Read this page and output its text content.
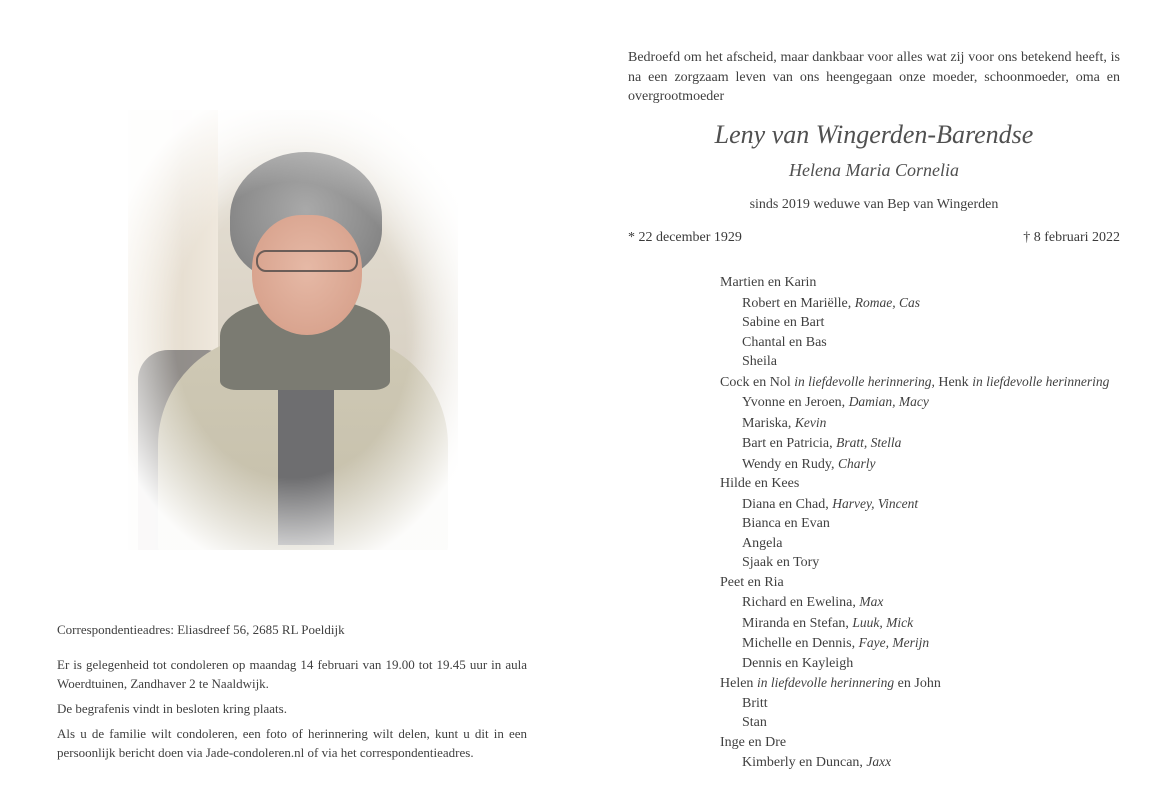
Correspondentieadres: Eliasdreef 56, 2685 RL Poeldijk
Er is gelegenheid tot condoleren op maandag 14 februari van 19.00 tot 19.45 uur in aula Woerdtuinen, Zandhaver 2 te Naaldwijk.
De begrafenis vindt in besloten kring plaats.
Als u de familie wilt condoleren, een foto of herinnering wilt delen, kunt u dit in een persoonlijk bericht doen via Jade-condoleren.nl of via het correspondentieadres.
Bedroefd om het afscheid, maar dankbaar voor alles wat zij voor ons betekend heeft, is na een zorgzaam leven van ons heengegaan onze moeder, schoonmoeder, oma en overgrootmoeder
Leny van Wingerden-Barendse
Helena Maria Cornelia
sinds 2019 weduwe van Bep van Wingerden
* 22 december 1929	† 8 februari 2022
Martien en Karin
Robert en Mariëlle, Romae, Cas
Sabine en Bart
Chantal en Bas
Sheila
Cock en Nol in liefdevolle herinnering, Henk in liefdevolle herinnering
Yvonne en Jeroen, Damian, Macy
Mariska, Kevin
Bart en Patricia, Bratt, Stella
Wendy en Rudy, Charly
Hilde en Kees
Diana en Chad, Harvey, Vincent
Bianca en Evan
Angela
Sjaak en Tory
Peet en Ria
Richard en Ewelina, Max
Miranda en Stefan, Luuk, Mick
Michelle en Dennis, Faye, Merijn
Dennis en Kayleigh
Helen in liefdevolle herinnering en John
Britt
Stan
Inge en Dre
Kimberly en Duncan, Jaxx
